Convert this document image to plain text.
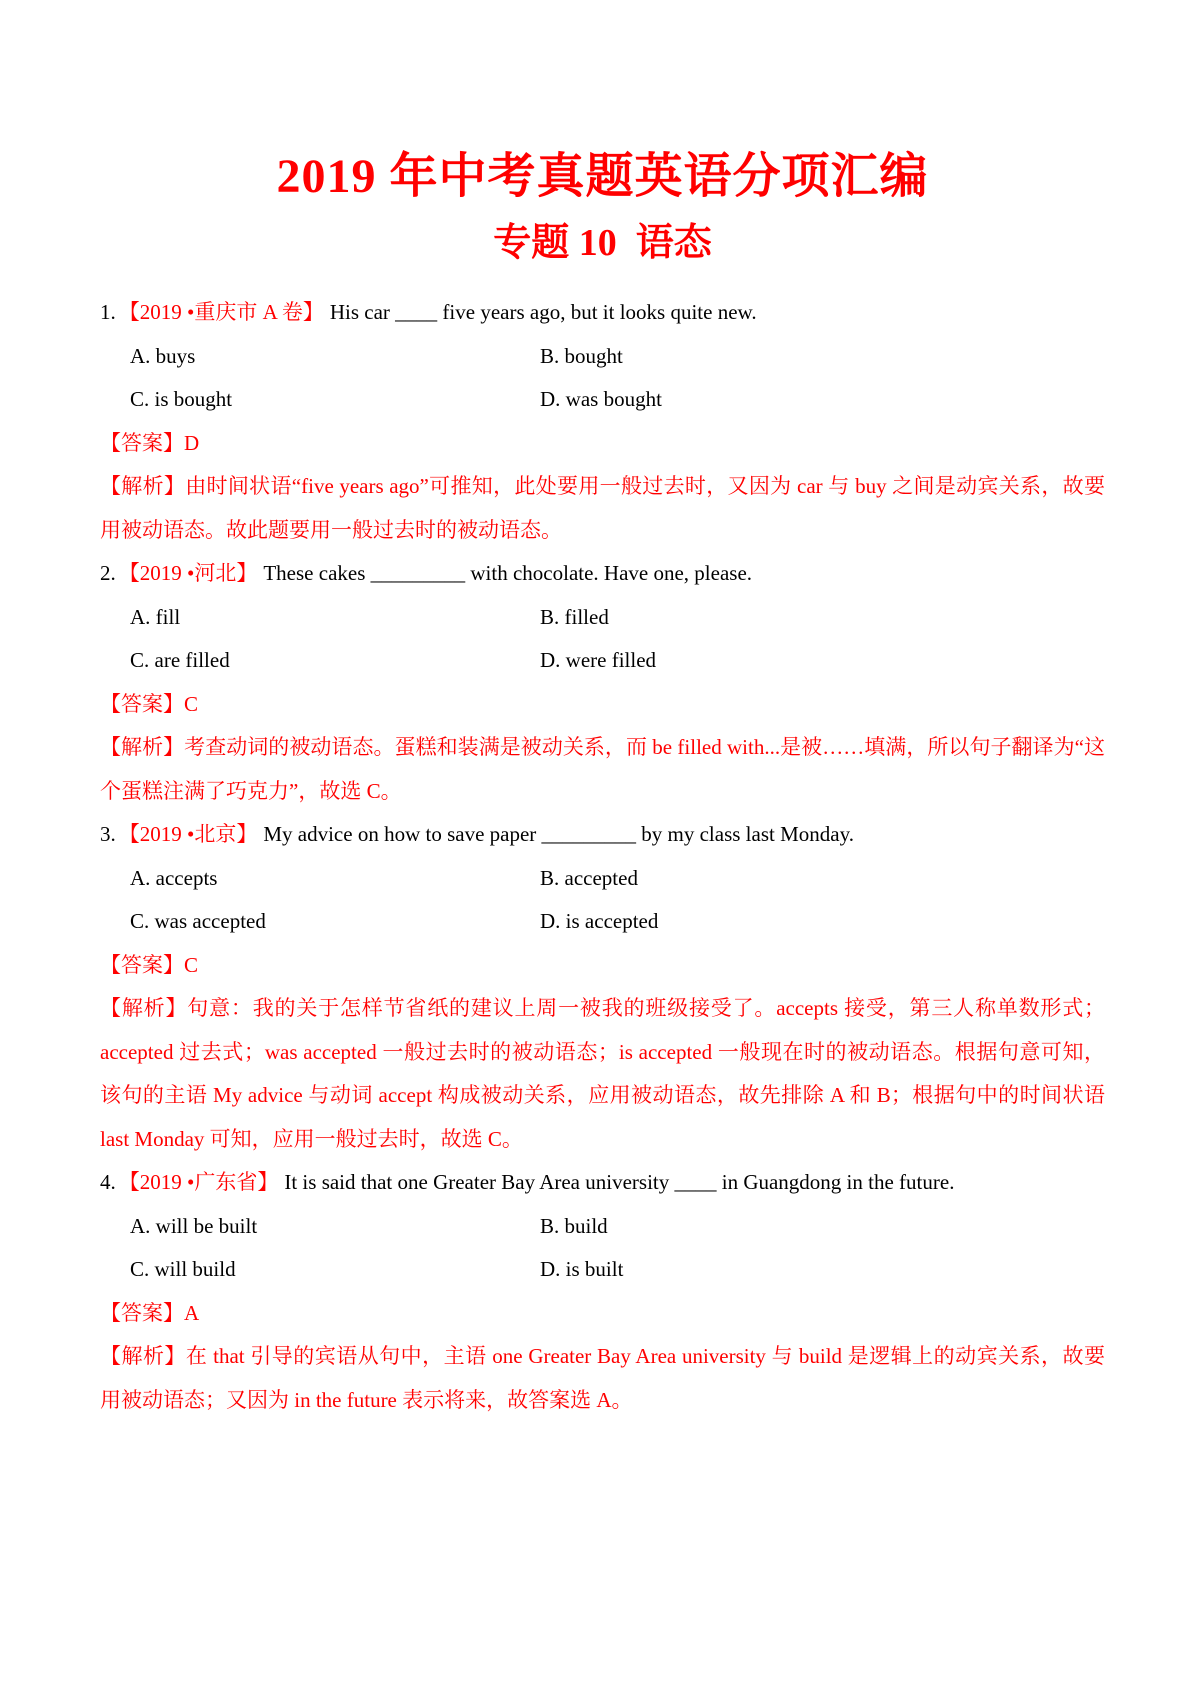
2019 年中考真题英语分项汇编
专题 10  语态
1. 【2019 •重庆市 A 卷】 His car ____ five years ago, but it looks quite new.
A. buys	B. bought
C. is bought	D. was bought
【答案】D
【解析】由时间状语“five years ago”可推知，此处要用一般过去时，又因为 car 与 buy 之间是动宾关系，故要用被动语态。故此题要用一般过去时的被动语态。
2. 【2019 •河北】 These cakes _________ with chocolate. Have one, please.
A. fill	B. filled
C. are filled	D. were filled
【答案】C
【解析】考查动词的被动语态。蛋糕和装满是被动关系，而 be filled with...是被……填满，所以句子翻译为“这个蛋糕注满了巧克力”，故选 C。
3. 【2019 •北京】 My advice on how to save paper _________ by my class last Monday.
A. accepts	B. accepted
C. was accepted	D. is accepted
【答案】C
【解析】句意：我的关于怎样节省纸的建议上周一被我的班级接受了。accepts 接受，第三人称单数形式；accepted 过去式；was accepted 一般过去时的被动语态；is accepted 一般现在时的被动语态。根据句意可知，该句的主语 My advice 与动词 accept 构成被动关系，应用被动语态，故先排除 A 和 B；根据句中的时间状语 last Monday 可知，应用一般过去时，故选 C。
4. 【2019 •广东省】 It is said that one Greater Bay Area university ____ in Guangdong in the future.
A. will be built	B. build
C. will build	D. is built
【答案】A
【解析】在 that 引导的宾语从句中，主语 one Greater Bay Area university 与 build 是逻辑上的动宾关系，故要用被动语态；又因为 in the future 表示将来，故答案选 A。
